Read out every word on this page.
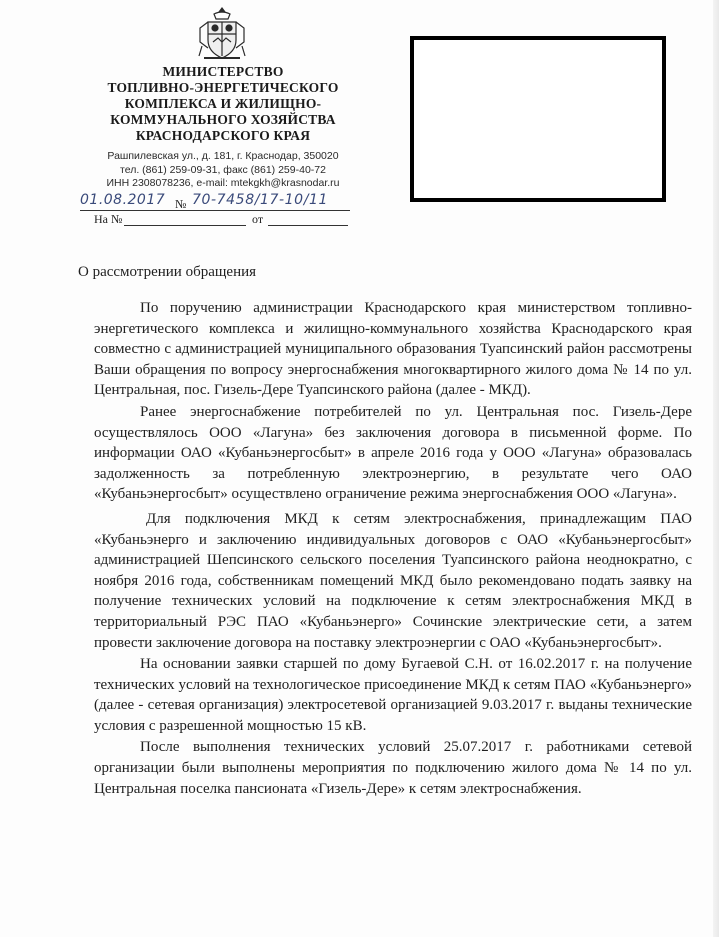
МИНИСТЕРСТВО
ТОПЛИВНО-ЭНЕРГЕТИЧЕСКОГО
КОМПЛЕКСА И ЖИЛИЩНО-
КОММУНАЛЬНОГО ХОЗЯЙСТВА
КРАСНОДАРСКОГО КРАЯ
Рашпилевская ул., д. 181, г. Краснодар, 350020
тел. (861) 259-09-31, факс (861) 259-40-72
ИНН 2308078236, e-mail: mtekgkh@krasnodar.ru
01.08.2017 № 70-7458/17-10/11
На №	от
О рассмотрении обращения

По поручению администрации Краснодарского края министерством топливно-энергетического комплекса и жилищно-коммунального хозяйства Краснодарского края совместно с администрацией муниципального образования Туапсинский район рассмотрены Ваши обращения по вопросу энергоснабжения многоквартирного жилого дома № 14 по ул. Центральная, пос. Гизель-Дере Туапсинского района (далее - МКД).

Ранее энергоснабжение потребителей по ул. Центральная пос. Гизель-Дере осуществлялось ООО «Лагуна» без заключения договора в письменной форме. По информации ОАО «Кубаньэнергосбыт» в апреле 2016 года у ООО «Лагуна» образовалась задолженность за потребленную электроэнергию, в результате чего ОАО «Кубаньэнергосбыт» осуществлено ограничение режима энергоснабжения ООО «Лагуна».

Для подключения МКД к сетям электроснабжения, принадлежащим ПАО «Кубаньэнерго и заключению индивидуальных договоров с ОАО «Кубаньэнергосбыт» администрацией Шепсинского сельского поселения Туапсинского района неоднократно, с ноября 2016 года, собственникам помещений МКД было рекомендовано подать заявку на получение технических условий на подключение к сетям электроснабжения МКД в территориальный РЭС ПАО «Кубаньэнерго» Сочинские электрические сети, а затем провести заключение договора на поставку электроэнергии с ОАО «Кубаньэнергосбыт».

На основании заявки старшей по дому Бугаевой С.Н. от 16.02.2017 г. на получение технических условий на технологическое присоединение МКД к сетям ПАО «Кубаньэнерго» (далее - сетевая организация) электросетевой организацией 9.03.2017 г. выданы технические условия с разрешенной мощностью 15 кВ.

После выполнения технических условий 25.07.2017 г. работниками сетевой организации были выполнены мероприятия по подключению жилого дома № 14 по ул. Центральная поселка пансионата «Гизель-Дере» к сетям электроснабжения.
